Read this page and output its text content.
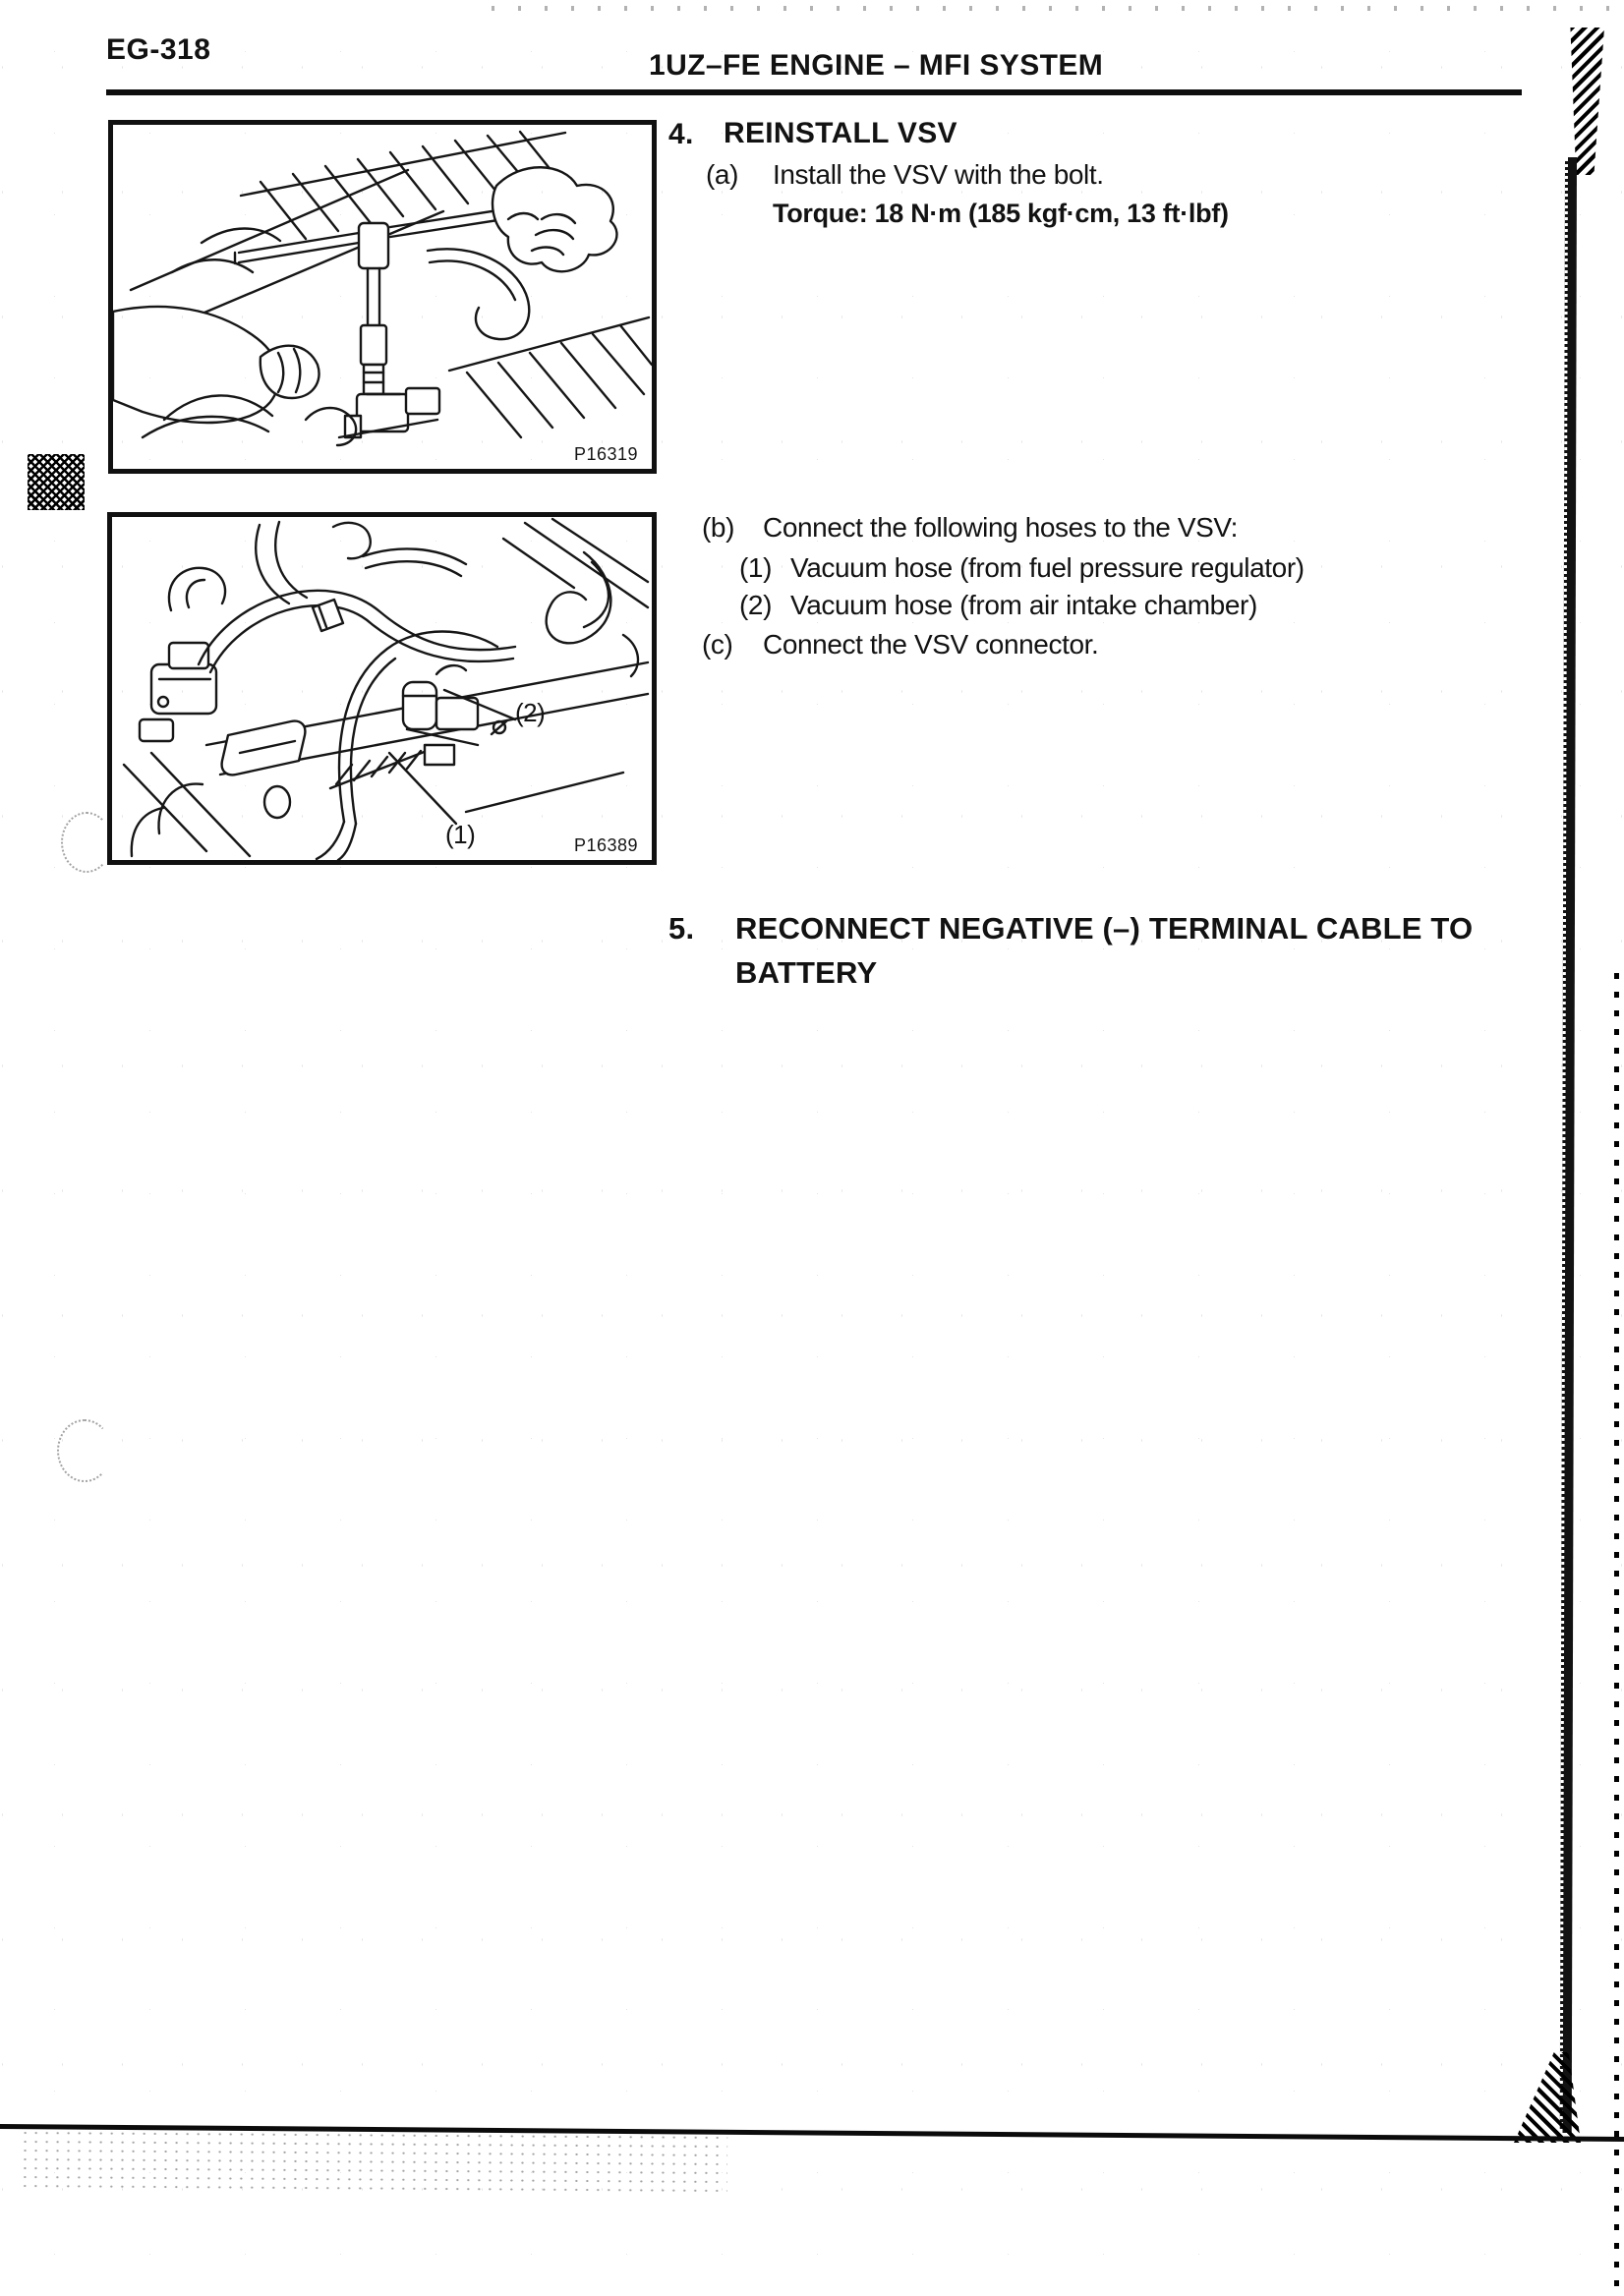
EG-318	1UZ–FE ENGINE – MFI SYSTEM
P16319
(2)
(1)	P16389
4. REINSTALL VSV
(a) Install the VSV with the bolt.
Torque: 18 N·m (185 kgf·cm, 13 ft·lbf)
(b) Connect the following hoses to the VSV:
(1) Vacuum hose (from fuel pressure regulator)
(2) Vacuum hose (from air intake chamber)
(c) Connect the VSV connector.
5. RECONNECT NEGATIVE (–) TERMINAL CABLE TO
BATTERY
